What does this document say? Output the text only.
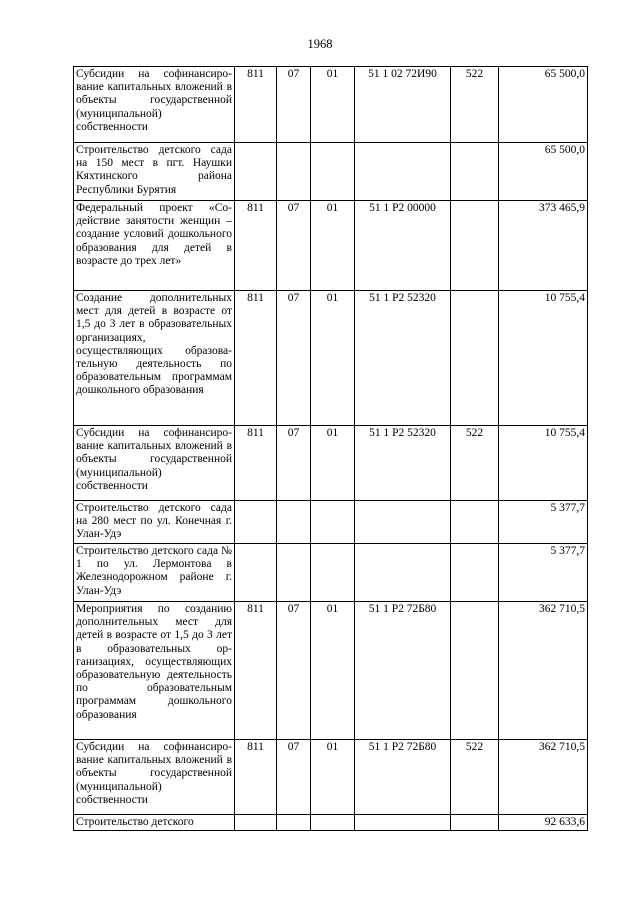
1968
Субсидии на софинансирование капитальных вложений в объекты государственной (муниципальной) собственности	811	07	01	51 1 02 72И90	522	65 500,0
Строительство детского сада на 150 мест в пгт. Наушки Кяхтинского района Республики Бурятия						65 500,0
Федеральный проект «Содействие занятости женщин – создание условий дошкольного образования для детей в возрасте до трех лет»	811	07	01	51 1 Р2 00000		373 465,9
Создание дополнительных мест для детей в возрасте от 1,5 до 3 лет в образовательных организациях, осуществляющих образовательную деятельность по образовательным программам дошкольного образования	811	07	01	51 1 Р2 52320		10 755,4
Субсидии на софинансирование капитальных вложений в объекты государственной (муниципальной) собственности	811	07	01	51 1 Р2 52320	522	10 755,4
Строительство детского сада на 280 мест по ул. Конечная г. Улан-Удэ						5 377,7
Строительство детского сада № 1 по ул. Лермонтова в Железнодорожном районе г. Улан-Удэ						5 377,7
Мероприятия по созданию дополнительных мест для детей в возрасте от 1,5 до 3 лет в образовательных организациях, осуществляющих образовательную деятельность по образовательным программам дошкольного образования	811	07	01	51 1 Р2 72Б80		362 710,5
Субсидии на софинансирование капитальных вложений в объекты государственной (муниципальной) собственности	811	07	01	51 1 Р2 72Б80	522	362 710,5
Строительство детского						92 633,6
